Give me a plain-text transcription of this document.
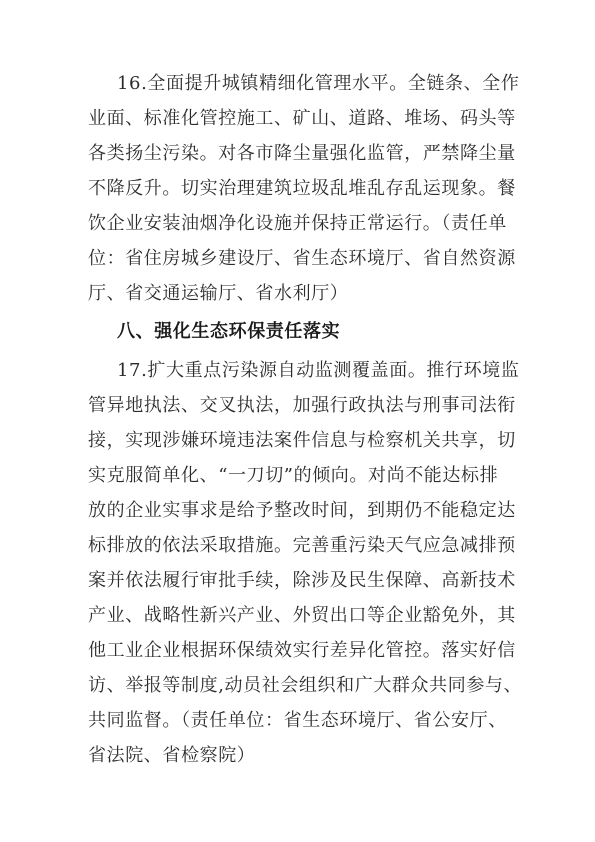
16.全面提升城镇精细化管理水平。全链条、全作
业面、标准化管控施工、矿山、道路、堆场、码头等
各类扬尘污染。对各市降尘量强化监管，严禁降尘量
不降反升。切实治理建筑垃圾乱堆乱存乱运现象。餐
饮企业安装油烟净化设施并保持正常运行。（责任单
位：省住房城乡建设厅、省生态环境厅、省自然资源
厅、省交通运输厅、省水利厅）
八、强化生态环保责任落实
17.扩大重点污染源自动监测覆盖面。推行环境监
管异地执法、交叉执法，加强行政执法与刑事司法衔
接，实现涉嫌环境违法案件信息与检察机关共享，切
实克服简单化、“一刀切”的倾向。对尚不能达标排
放的企业实事求是给予整改时间，到期仍不能稳定达
标排放的依法采取措施。完善重污染天气应急减排预
案并依法履行审批手续，除涉及民生保障、高新技术
产业、战略性新兴产业、外贸出口等企业豁免外，其
他工业企业根据环保绩效实行差异化管控。落实好信
访、举报等制度,动员社会组织和广大群众共同参与、
共同监督。（责任单位：省生态环境厅、省公安厅、
省法院、省检察院）
